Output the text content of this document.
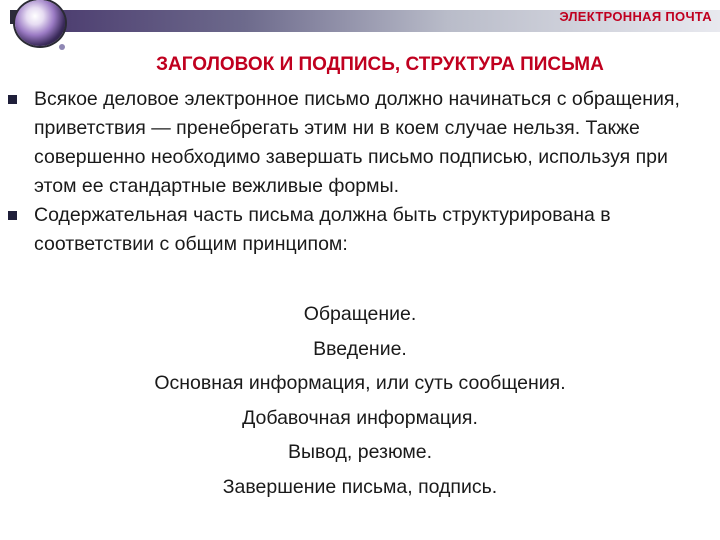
ЭЛЕКТРОННАЯ ПОЧТА
ЗАГОЛОВОК И ПОДПИСЬ, СТРУКТУРА ПИСЬМА
Всякое деловое электронное письмо должно начинаться с обращения, приветствия — пренебрегать этим ни в коем случае нельзя. Также совершенно необходимо завершать письмо подписью, используя при этом ее стандартные вежливые формы.
Содержательная часть письма должна быть структурирована в соответствии с общим принципом:
Обращение.
Введение.
Основная информация, или суть сообщения.
Добавочная информация.
Вывод, резюме.
Завершение письма, подпись.
